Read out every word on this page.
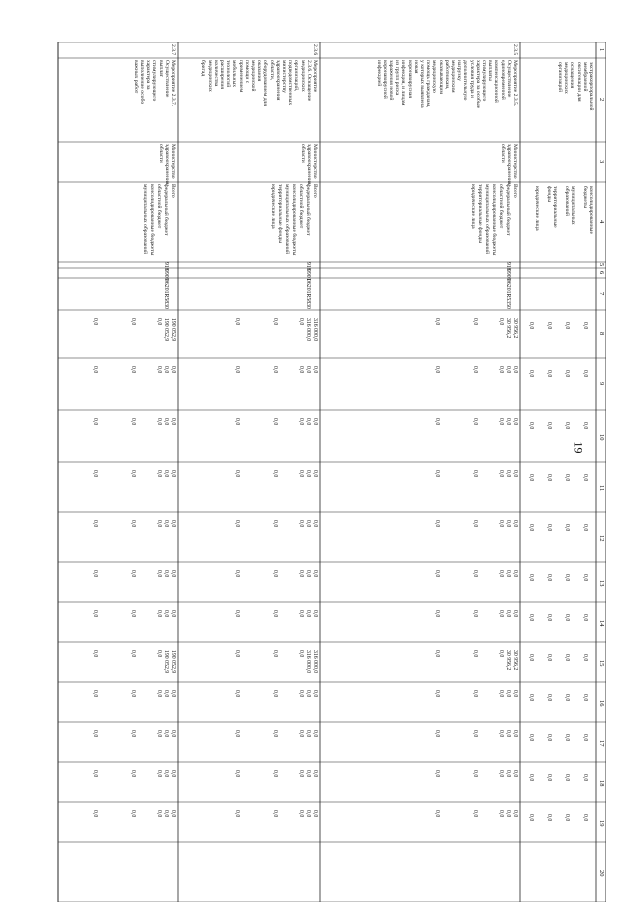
19
1
2
3
4
5
6
7
8
9
10
11
12
13
14
15
16
17
18
19
20
экстракорпоральной
мембранной
оксигенации для
оснащения
медицинских
организаций
консолидированные бюджеты
0,0
0,0
0,0
0,0
0,0
0,0
0,0
0,0
0,0
0,0
0,0
0,0
муниципальных образований
0,0
0,0
0,0
0,0
0,0
0,0
0,0
0,0
0,0
0,0
0,0
0,0
территориальные фонды
0,0
0,0
0,0
0,0
0,0
0,0
0,0
0,0
0,0
0,0
0,0
0,0
юридические лица
0,0
0,0
0,0
0,0
0,0
0,0
0,0
0,0
0,0
0,0
0,0
0,0
2.3.5
Мероприятие 2.3.5.
Осуществление
единовременной
компенсационной
выплаты
стимулирующего
характера за особые
условия труда и
дополнительную
нагрузку
медицинским
работникам,
оказывающим
медицинскую
помощь гражданам,
у которых выявлена
новая
коронавирусная
инфекция, и лицам
из групп риска
заражения новой
коронавирусной
инфекцией
Министерство
здравоохранения
области
Всего
федеральный бюджет
областной бюджет
консолидированные бюджеты
муниципальных образований
территориальные фонды
юридические лица
918
0909
06201R5350
30 956,2
0,0
0,0
0,0
0,0
0,0
0,0
30 956,2
0,0
0,0
0,0
0,0
30 956,2
0,0
0,0
0,0
0,0
0,0
0,0
30 956,2
0,0
0,0
0,0
0,0
0,0
0,0
0,0
0,0
0,0
0,0
0,0
0,0
0,0
0,0
0,0
0,0
0,0
0,0
0,0
0,0
0,0
0,0
0,0
0,0
0,0
0,0
0,0
0,0
0,0
0,0
0,0
0,0
0,0
0,0
0,0
0,0
0,0
0,0
0,0
0,0
2.3.6
Мероприятие
2.3.6. Оснащение
медицинских
организаций,
подведомственных
министерству
здравоохранения
области,
оборудованием для
оказания
медицинской
помощи с
применением
мобильных
технологий
расширения
количества
медицинских
бригад
Министерство
здравоохранения
области
Всего
федеральный бюджет
областной бюджет
консолидированные бюджеты
муниципальных образований
территориальные фонды
юридические лица
918
0901
06201R5830
316 000,0
0,0
0,0
0,0
0,0
0,0
0,0
316 000,0
0,0
0,0
0,0
0,0
316 000,0
0,0
0,0
0,0
0,0
0,0
0,0
316 000,0
0,0
0,0
0,0
0,0
0,0
0,0
0,0
0,0
0,0
0,0
0,0
0,0
0,0
0,0
0,0
0,0
0,0
0,0
0,0
0,0
0,0
0,0
0,0
0,0
0,0
0,0
0,0
0,0
0,0
0,0
0,0
0,0
0,0
0,0
0,0
0,0
0,0
0,0
0,0
0,0
2.3.7
Мероприятие 2.3.7.
Осуществление
выплат
стимулирующего
характера за
выполнение особо
важных работ
Министерство
здравоохранения
области
Всего
федеральный бюджет
областной бюджет
консолидированные бюджеты
муниципальных образований
918
0909
06201R5830
190 052,9
0,0
0,0
0,0
0,0
0,0
0,0
190 052,9
0,0
0,0
0,0
0,0
190 052,9
0,0
0,0
0,0
0,0
0,0
0,0
190 052,9
0,0
0,0
0,0
0,0
0,0
0,0
0,0
0,0
0,0
0,0
0,0
0,0
0,0
0,0
0,0
0,0
0,0
0,0
0,0
0,0
0,0
0,0
0,0
0,0
0,0
0,0
0,0
0,0
0,0
0,0
0,0
0,0
0,0
0,0
0,0
0,0
0,0
0,0
0,0
0,0
